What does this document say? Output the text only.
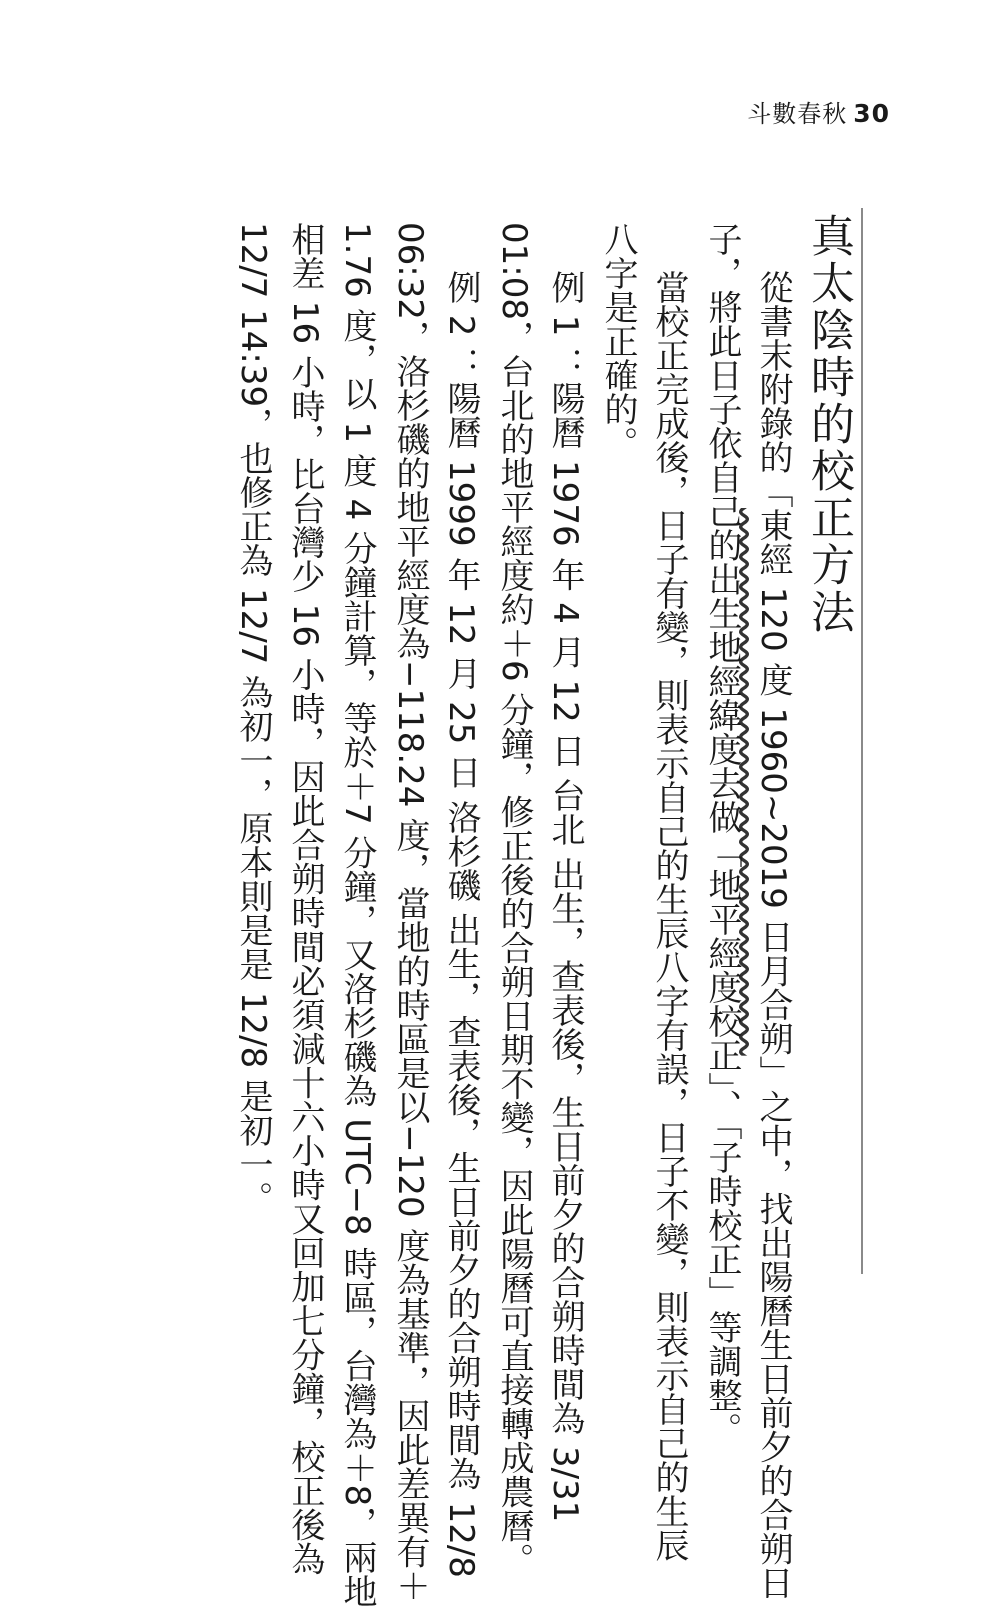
斗數春秋 30
真太陰時的校正方法
從書末附錄的「東經 120 度 1960~2019 日月合朔」之中，找出陽曆生日前夕的合朔日
子，將此日子依自己的出生地經緯度去做「地平經度校正」、「子時校正」等調整。
當校正完成後，日子有變，則表示自己的生辰八字有誤，日子不變，則表示自己的生辰
八字是正確的。
例 1 ：陽曆 1976 年 4 月 12 日 台北 出生，查表後，生日前夕的合朔時間為 3/31
01:08，台北的地平經度約＋6 分鐘，修正後的合朔日期不變，因此陽曆可直接轉成農曆。
例 2 ：陽曆 1999 年 12 月 25 日 洛杉磯 出生，查表後，生日前夕的合朔時間為 12/8
06:32，洛杉磯的地平經度為−118.24 度，當地的時區是以−120 度為基準，因此差異有＋
1.76 度，以 1 度 4 分鐘計算，等於＋7 分鐘，又洛杉磯為 UTC−8 時區，台灣為＋8，兩地
相差 16 小時，比台灣少 16 小時，因此合朔時間必須減十六小時又回加七分鐘，校正後為
12/7 14:39，也修正為 12/7 為初一，原本則是是 12/8 是初一。
